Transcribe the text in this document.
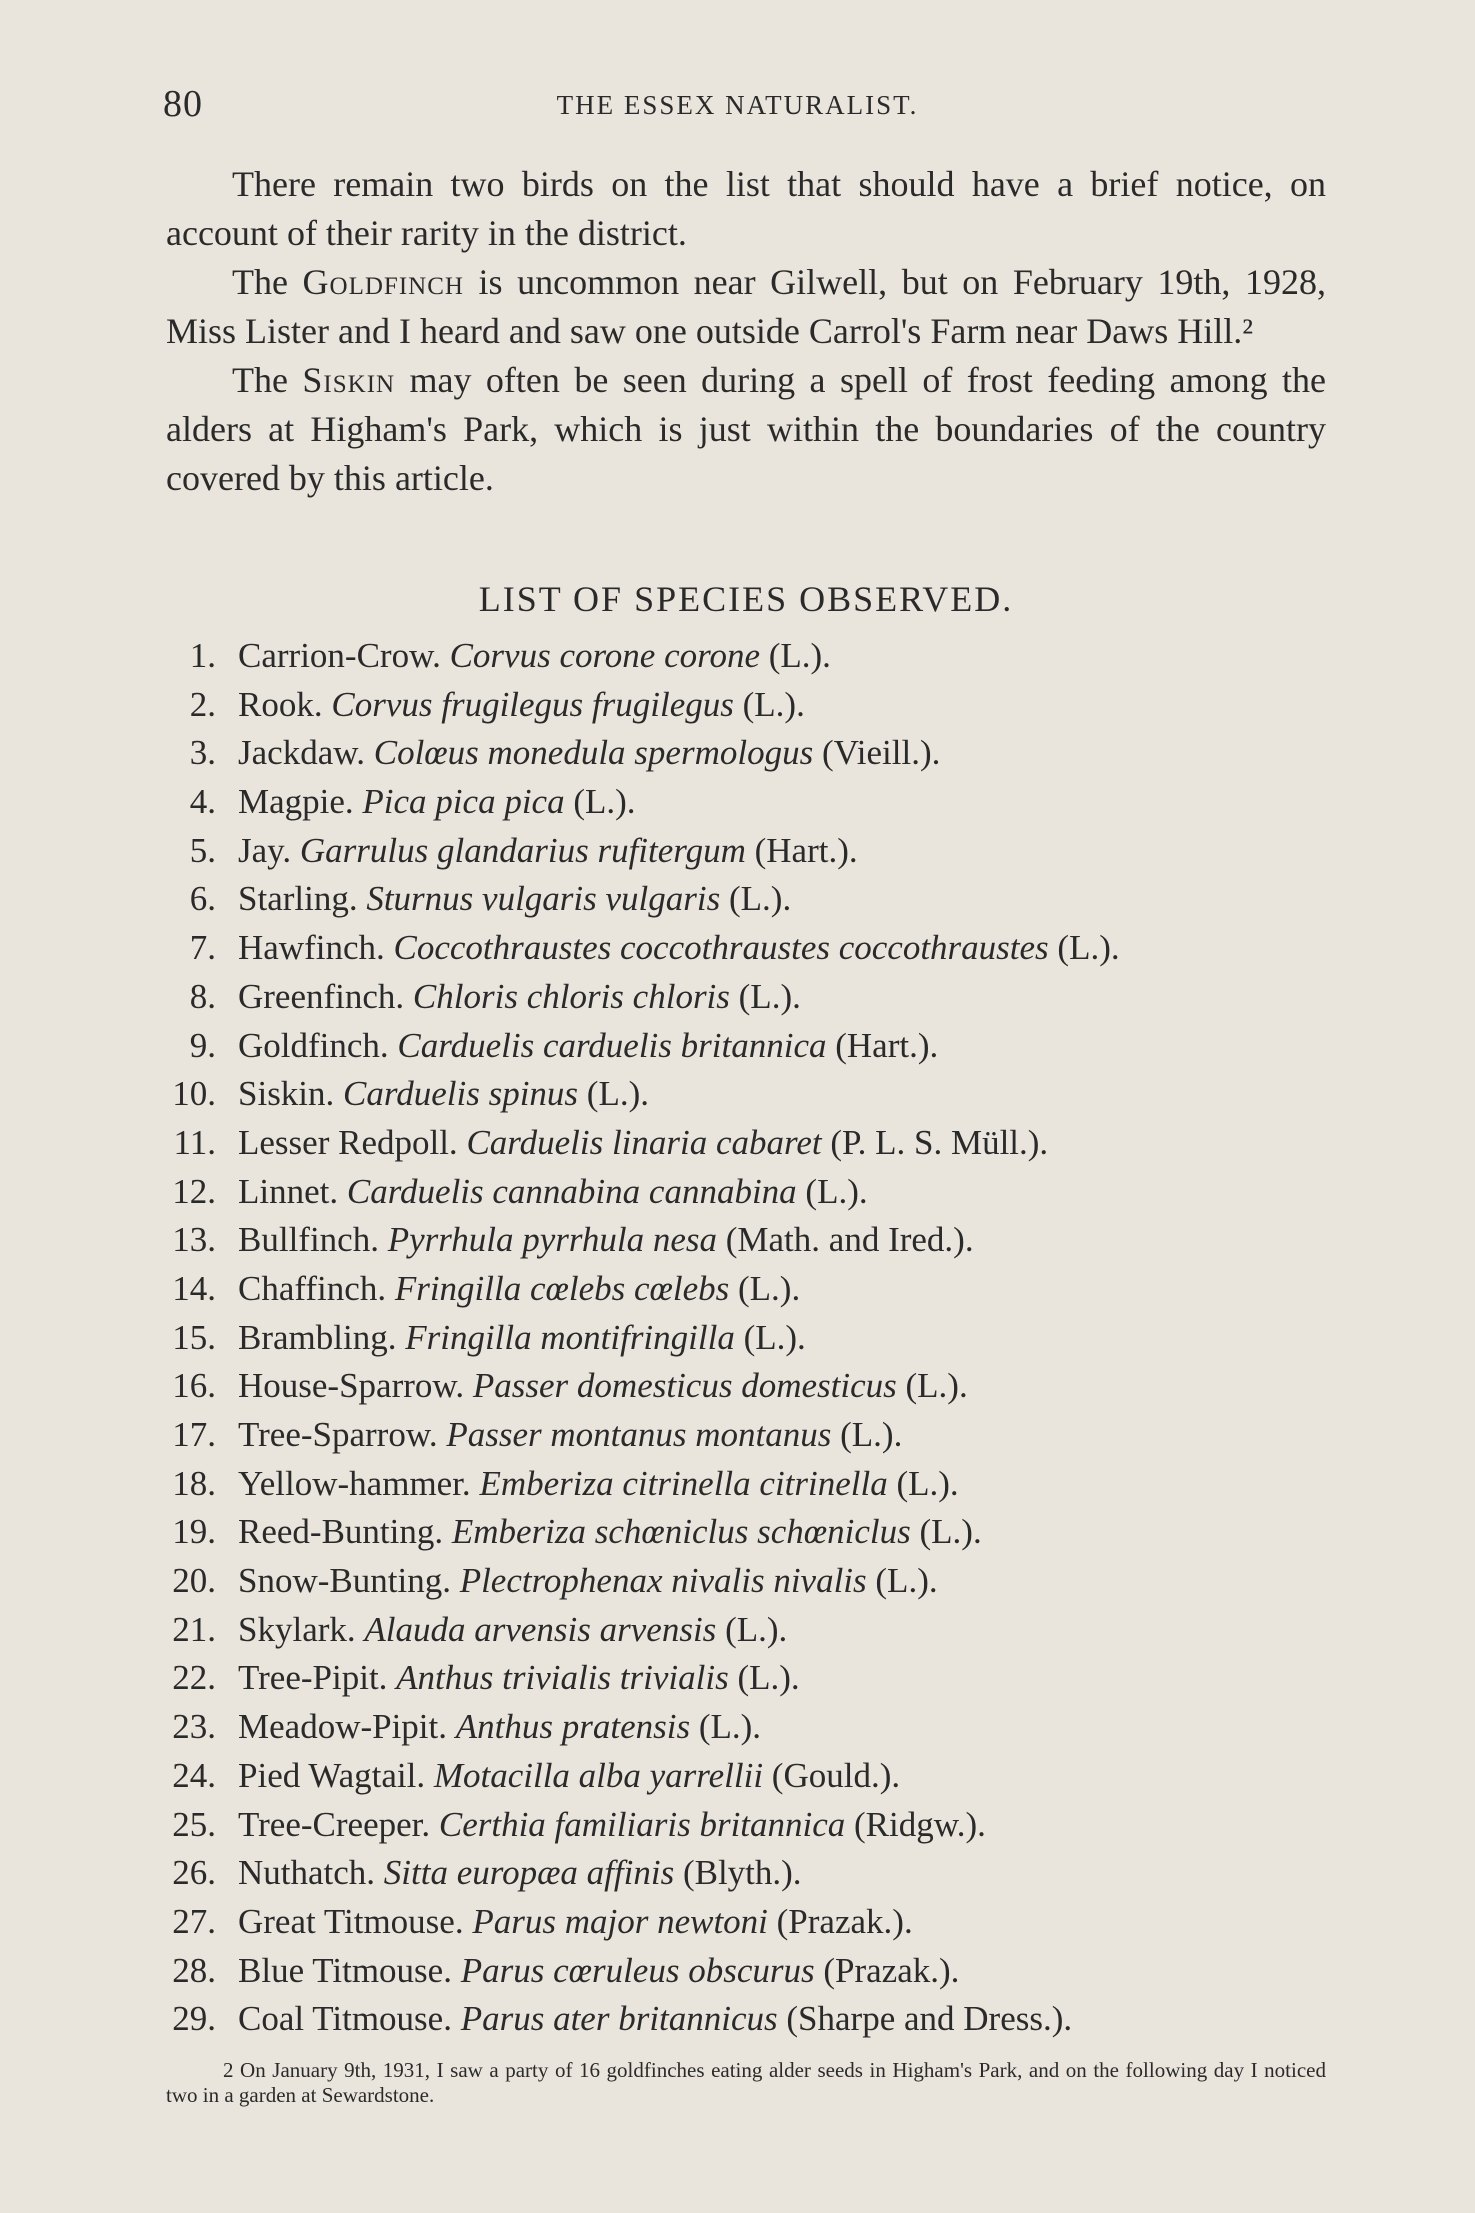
80	THE ESSEX NATURALIST.

There remain two birds on the list that should have a brief notice, on account of their rarity in the district.

The Goldfinch is uncommon near Gilwell, but on February 19th, 1928, Miss Lister and I heard and saw one outside Carrol's Farm near Daws Hill.²

The Siskin may often be seen during a spell of frost feeding among the alders at Higham's Park, which is just within the boundaries of the country covered by this article.

LIST OF SPECIES OBSERVED.
1. Carrion-Crow. Corvus corone corone (L.).
2. Rook. Corvus frugilegus frugilegus (L.).
3. Jackdaw. Colœus monedula spermologus (Vieill.).
4. Magpie. Pica pica pica (L.).
5. Jay. Garrulus glandarius rufitergum (Hart.).
6. Starling. Sturnus vulgaris vulgaris (L.).
7. Hawfinch. Coccothraustes coccothraustes coccothraustes (L.).
8. Greenfinch. Chloris chloris chloris (L.).
9. Goldfinch. Carduelis carduelis britannica (Hart.).
10. Siskin. Carduelis spinus (L.).
11. Lesser Redpoll. Carduelis linaria cabaret (P. L. S. Müll.).
12. Linnet. Carduelis cannabina cannabina (L.).
13. Bullfinch. Pyrrhula pyrrhula nesa (Math. and Ired.).
14. Chaffinch. Fringilla cœlebs cœlebs (L.).
15. Brambling. Fringilla montifringilla (L.).
16. House-Sparrow. Passer domesticus domesticus (L.).
17. Tree-Sparrow. Passer montanus montanus (L.).
18. Yellow-hammer. Emberiza citrinella citrinella (L.).
19. Reed-Bunting. Emberiza schœniclus schœniclus (L.).
20. Snow-Bunting. Plectrophenax nivalis nivalis (L.).
21. Skylark. Alauda arvensis arvensis (L.).
22. Tree-Pipit. Anthus trivialis trivialis (L.).
23. Meadow-Pipit. Anthus pratensis (L.).
24. Pied Wagtail. Motacilla alba yarrellii (Gould.).
25. Tree-Creeper. Certhia familiaris britannica (Ridgw.).
26. Nuthatch. Sitta europæa affinis (Blyth.).
27. Great Titmouse. Parus major newtoni (Prazak.).
28. Blue Titmouse. Parus cœruleus obscurus (Prazak.).
29. Coal Titmouse. Parus ater britannicus (Sharpe and Dress.).

2 On January 9th, 1931, I saw a party of 16 goldfinches eating alder seeds in Higham's Park, and on the following day I noticed two in a garden at Sewardstone.
